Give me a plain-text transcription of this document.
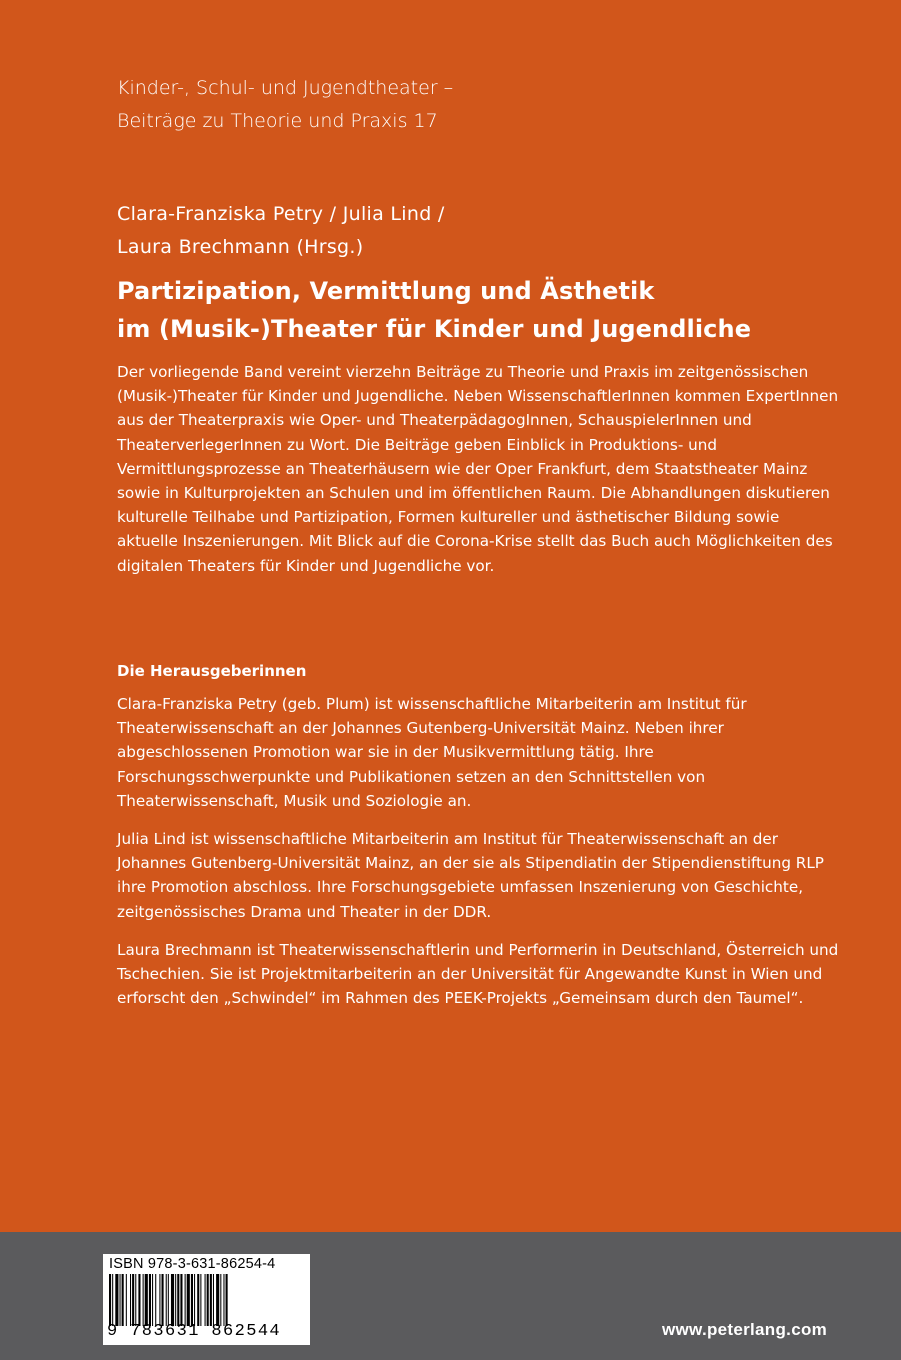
Kinder-, Schul- und Jugendtheater –
Beiträge zu Theorie und Praxis 17
Clara-Franziska Petry / Julia Lind /
Laura Brechmann (Hrsg.)
Partizipation, Vermittlung und Ästhetik
im (Musik-)Theater für Kinder und Jugendliche

Der vorliegende Band vereint vierzehn Beiträge zu Theorie und Praxis im zeitgenössischen (Musik-)Theater für Kinder und Jugendliche. Neben WissenschaftlerInnen kommen ExpertInnen aus der Theaterpraxis wie Oper- und TheaterpädagogInnen, SchauspielerInnen und TheaterverlegerInnen zu Wort. Die Beiträge geben Einblick in Produktions- und Vermittlungsprozesse an Theaterhäusern wie der Oper Frankfurt, dem Staatstheater Mainz sowie in Kulturprojekten an Schulen und im öffentlichen Raum. Die Abhandlungen diskutieren kulturelle Teilhabe und Partizipation, Formen kultureller und ästhetischer Bildung sowie aktuelle Inszenierungen. Mit Blick auf die Corona-Krise stellt das Buch auch Möglichkeiten des digitalen Theaters für Kinder und Jugendliche vor.

Die Herausgeberinnen

Clara-Franziska Petry (geb. Plum) ist wissenschaftliche Mitarbeiterin am Institut für Theaterwissenschaft an der Johannes Gutenberg-Universität Mainz. Neben ihrer abgeschlossenen Promotion war sie in der Musikvermittlung tätig. Ihre Forschungsschwerpunkte und Publikationen setzen an den Schnittstellen von Theaterwissenschaft, Musik und Soziologie an.

Julia Lind ist wissenschaftliche Mitarbeiterin am Institut für Theaterwissenschaft an der Johannes Gutenberg-Universität Mainz, an der sie als Stipendiatin der Stipendienstiftung RLP ihre Promotion abschloss. Ihre Forschungsgebiete umfassen Inszenierung von Geschichte, zeitgenössisches Drama und Theater in der DDR.

Laura Brechmann ist Theaterwissenschaftlerin und Performerin in Deutschland, Österreich und Tschechien. Sie ist Projektmitarbeiterin an der Universität für Angewandte Kunst in Wien und erforscht den „Schwindel“ im Rahmen des PEEK-Projekts „Gemeinsam durch den Taumel“.

ISBN 978-3-631-86254-4
9 783631 862544	www.peterlang.com
